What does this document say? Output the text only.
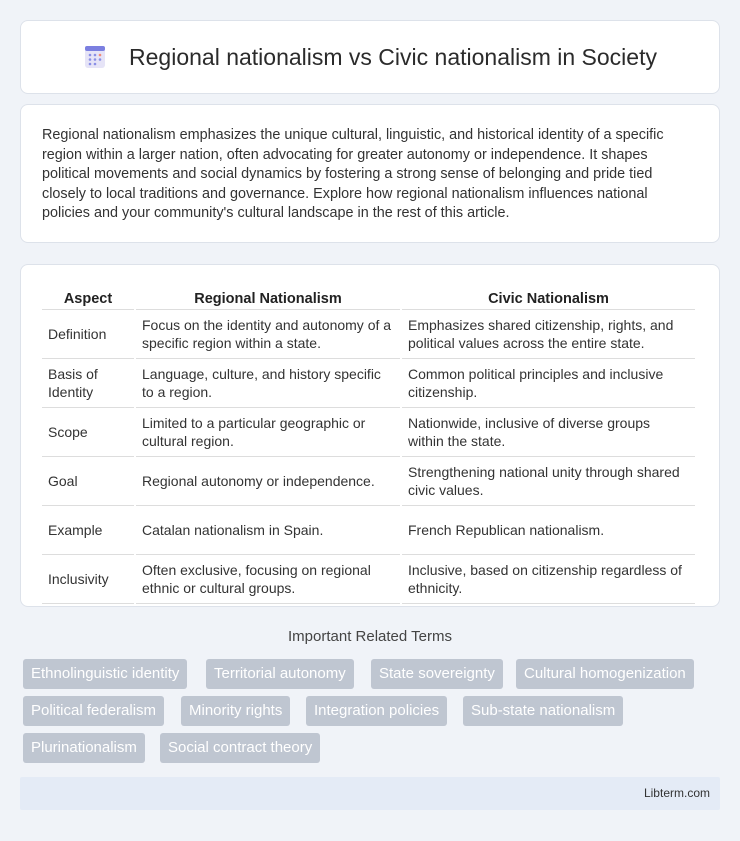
Regional nationalism vs Civic nationalism in Society

Regional nationalism emphasizes the unique cultural, linguistic, and historical identity of a specific region within a larger nation, often advocating for greater autonomy or independence. It shapes political movements and social dynamics by fostering a strong sense of belonging and pride tied closely to local traditions and governance. Explore how regional nationalism influences national policies and your community's cultural landscape in the rest of this article.

Aspect	Regional Nationalism	Civic Nationalism
Definition	Focus on the identity and autonomy of a specific region within a state.	Emphasizes shared citizenship, rights, and political values across the entire state.
Basis of Identity	Language, culture, and history specific to a region.	Common political principles and inclusive citizenship.
Scope	Limited to a particular geographic or cultural region.	Nationwide, inclusive of diverse groups within the state.
Goal	Regional autonomy or independence.	Strengthening national unity through shared civic values.
Example	Catalan nationalism in Spain.	French Republican nationalism.
Inclusivity	Often exclusive, focusing on regional ethnic or cultural groups.	Inclusive, based on citizenship regardless of ethnicity.
Important Related Terms
Ethnolinguistic identity	Territorial autonomy	State sovereignty	Cultural homogenization
Political federalism	Minority rights	Integration policies	Sub-state nationalism
Plurinationalism	Social contract theory
Libterm.com
